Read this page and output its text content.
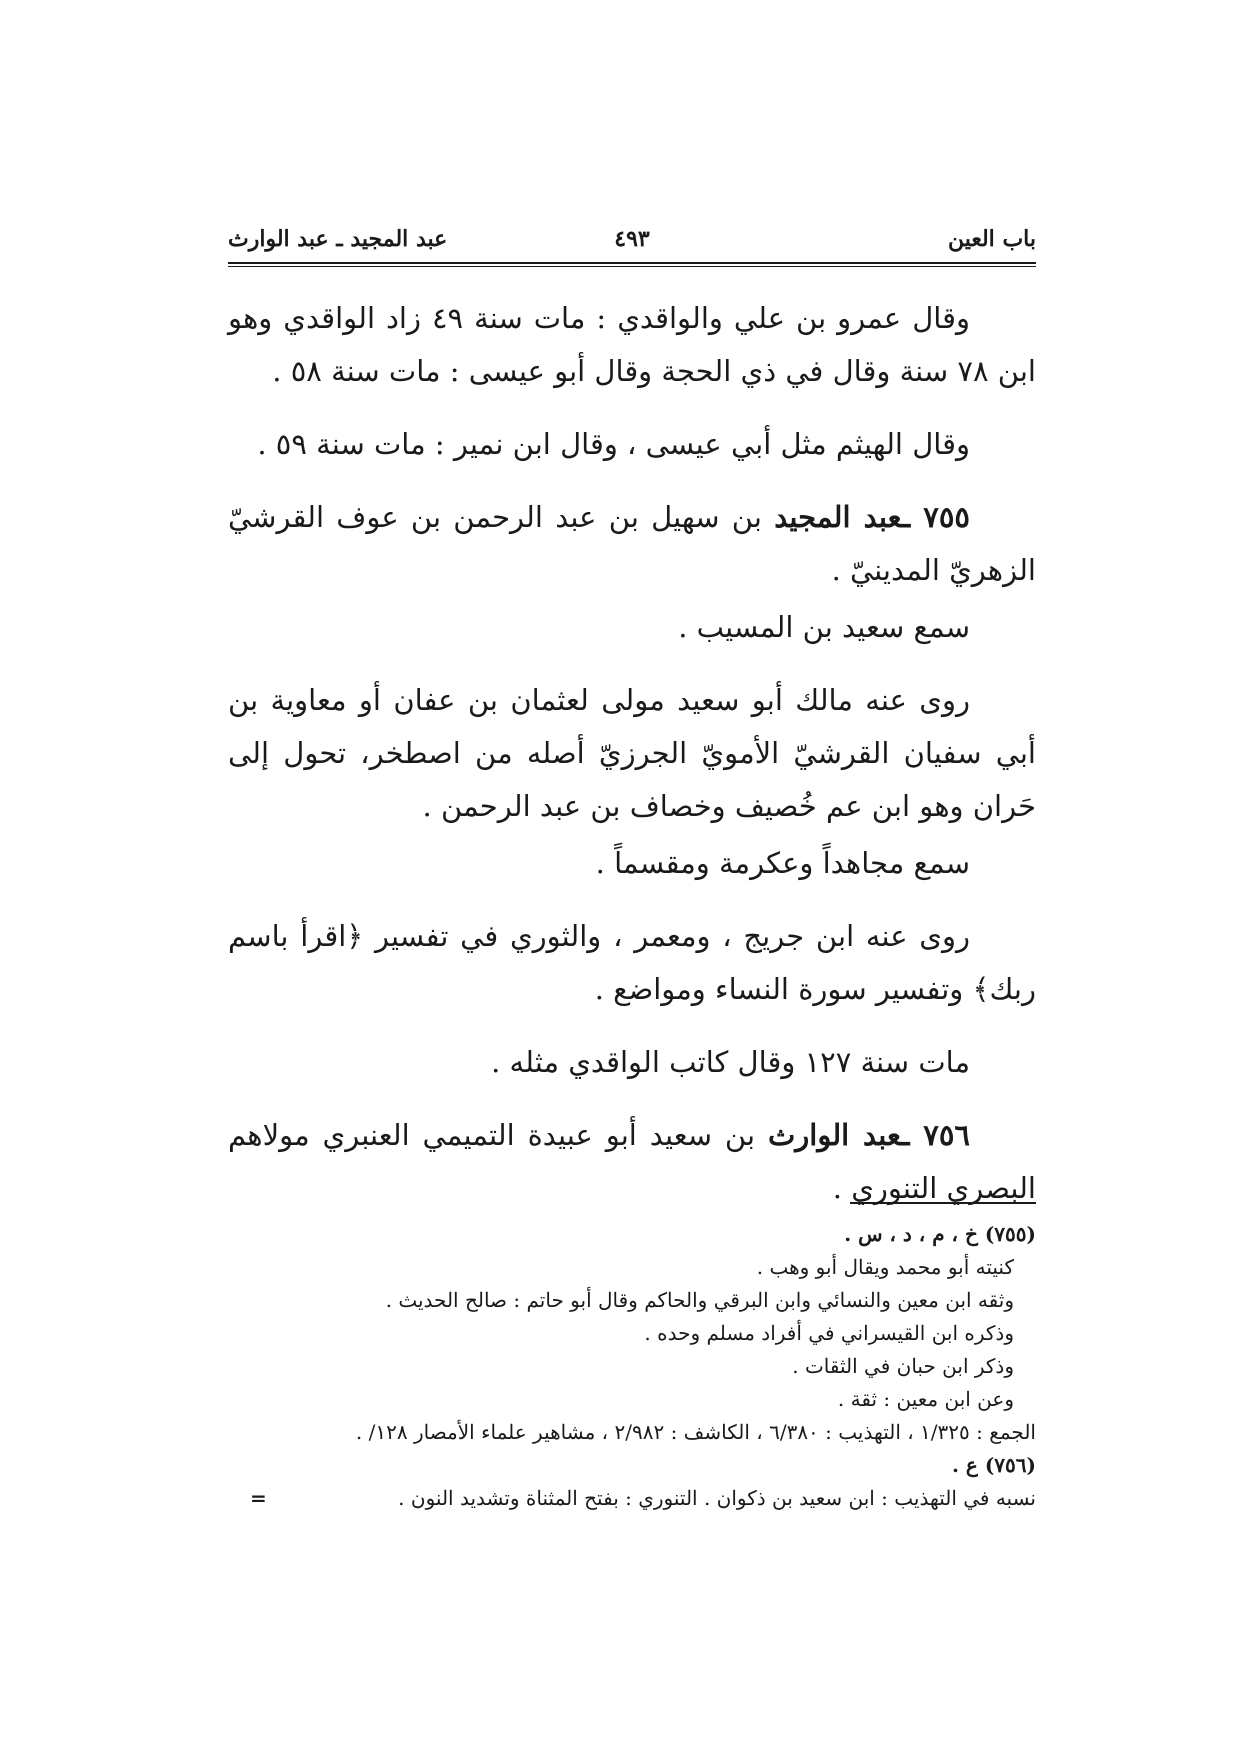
باب العين
٤٩٣
عبد المجيد ـ عبد الوارث

وقال عمرو بن علي والواقدي : مات سنة ٤٩ زاد الواقدي وهو ابن ٧٨ سنة وقال في ذي الحجة وقال أبو عيسى : مات سنة ٥٨ .

وقال الهيثم مثل أبي عيسى ، وقال ابن نمير : مات سنة ٥٩ .

٧٥٥ ـعبد المجيد بن سهيل بن عبد الرحمن بن عوف القرشيّ الزهريّ المدينيّ .

سمع سعيد بن المسيب .

روى عنه مالك أبو سعيد مولى لعثمان بن عفان أو معاوية بن أبي سفيان القرشيّ الأمويّ الجرزيّ أصله من اصطخر، تحول إلى حَران وهو ابن عم خُصيف وخصاف بن عبد الرحمن .

سمع مجاهداً وعكرمة ومقسماً .

روى عنه ابن جريج ، ومعمر ، والثوري في تفسير ﴿اقرأ باسم ربك﴾ وتفسير سورة النساء ومواضع .

مات سنة ١٢٧ وقال كاتب الواقدي مثله .

٧٥٦ ـعبد الوارث بن سعيد أبو عبيدة التميمي العنبري مولاهم البصري التنوري .

(٧٥٥) خ ، م ، د ، س .

كنيته أبو محمد ويقال أبو وهب .

وثقه ابن معين والنسائي وابن البرقي والحاكم وقال أبو حاتم : صالح الحديث .

وذكره ابن القيسراني في أفراد مسلم وحده .

وذكر ابن حبان في الثقات .

وعن ابن معين : ثقة .

الجمع : ١/٣٢٥ ، التهذيب : ٦/٣٨٠ ، الكاشف : ٢/٩٨٢ ، مشاهير علماء الأمصار ١٢٨/ .

(٧٥٦) ع .

نسبه في التهذيب : ابن سعيد بن ذكوان . التنوري : بفتح المثناة وتشديد النون .
=
